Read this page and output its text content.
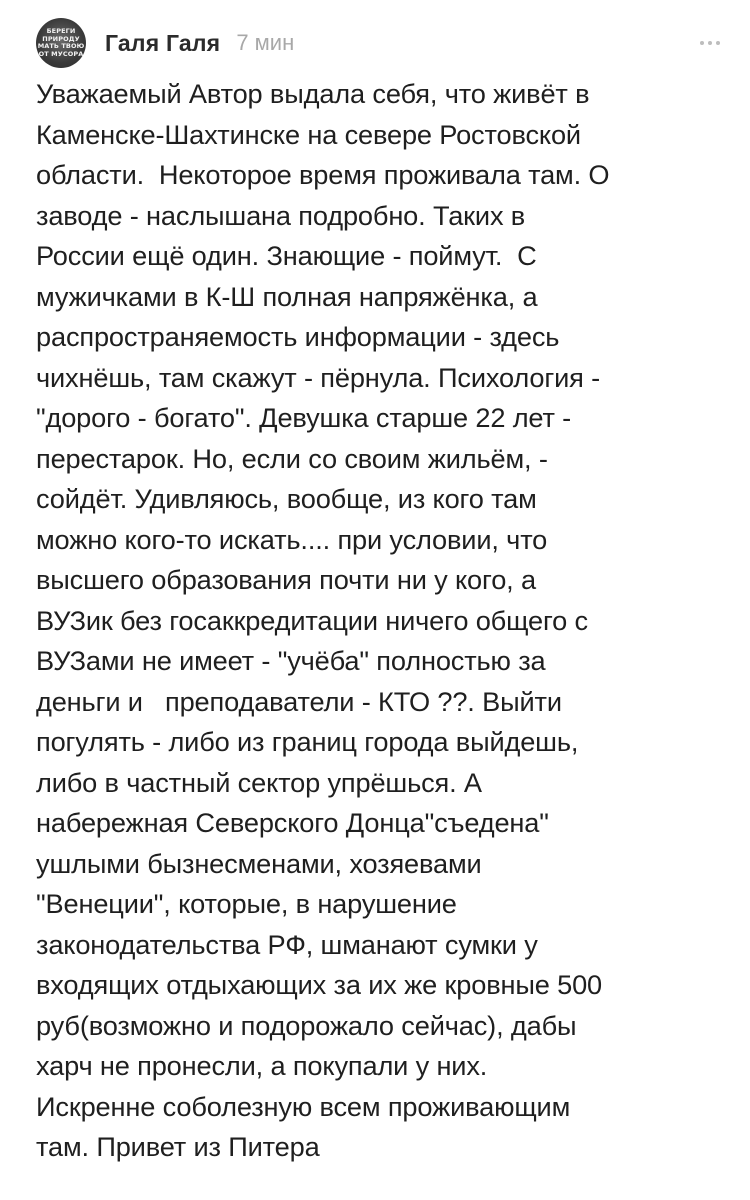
БЕРЕГИ
ПРИРОДУ
МАТЬ ТВОЮ
ОТ МУСОРА Галя Галя 7 мин
Уважаемый Автор выдала себя, что живёт в
Каменске-Шахтинске на севере Ростовской
области.  Некоторое время проживала там. О
заводе - наслышана подробно. Таких в
России ещё один. Знающие - поймут.  С
мужичками в К-Ш полная напряжёнка, а
распространяемость информации - здесь
чихнёшь, там скажут - пёрнула. Психология -
"дорого - богато". Девушка старше 22 лет -
перестарок. Но, если со своим жильём, -
сойдёт. Удивляюсь, вообще, из кого там
можно кого-то искать.... при условии, что
высшего образования почти ни у кого, а
ВУЗик без госаккредитации ничего общего с
ВУЗами не имеет - "учёба" полностью за
деньги и   преподаватели - КТО ??. Выйти
погулять - либо из границ города выйдешь,
либо в частный сектор упрёшься. А
набережная Северского Донца"съедена"
ушлыми бызнесменами, хозяевами
"Венеции", которые, в нарушение
законодательства РФ, шманают сумки у
входящих отдыхающих за их же кровные 500
руб(возможно и подорожало сейчас), дабы
харч не пронесли, а покупали у них.
Искренне соболезную всем проживающим
там. Привет из Питера
